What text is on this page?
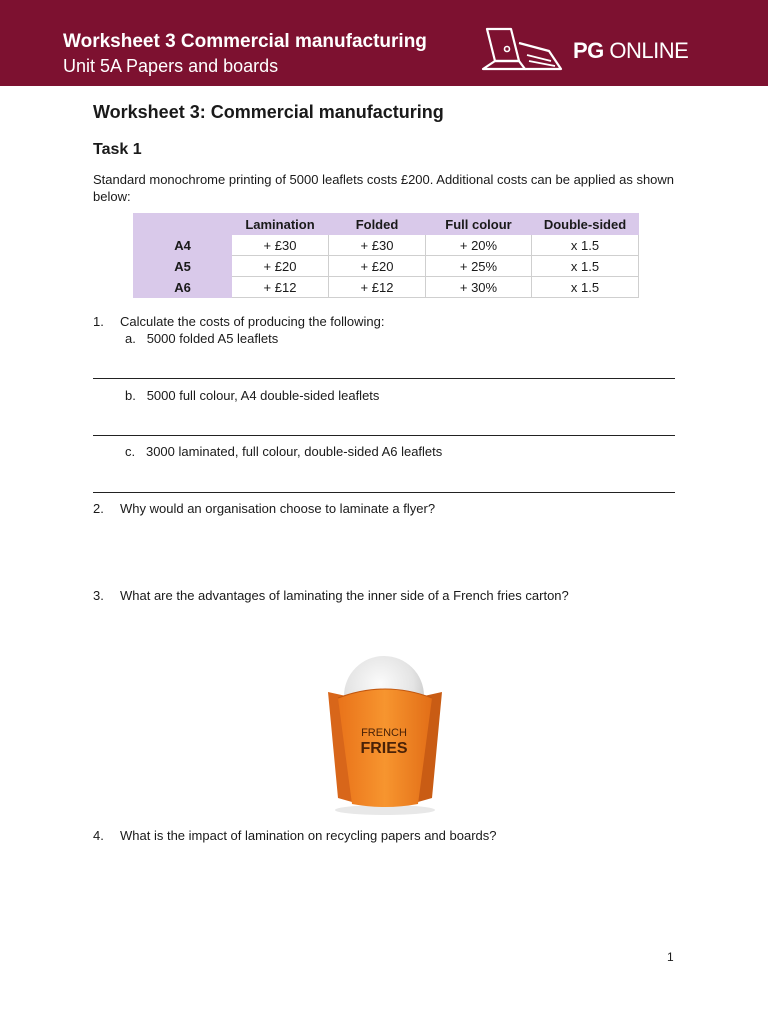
Worksheet 3 Commercial manufacturing
Unit 5A Papers and boards
PG ONLINE
Worksheet 3: Commercial manufacturing
Task 1
Standard monochrome printing of 5000 leaflets costs £200. Additional costs can be applied as shown below:
	Lamination	Folded	Full colour	Double-sided
A4	+ £30	+ £30	+ 20%	x 1.5
A5	+ £20	+ £20	+ 25%	x 1.5
A6	+ £12	+ £12	+ 30%	x 1.5
1. Calculate the costs of producing the following:
a. 5000 folded A5 leaflets
b. 5000 full colour, A4 double-sided leaflets
c. 3000 laminated, full colour, double-sided A6 leaflets
2. Why would an organisation choose to laminate a flyer?
3. What are the advantages of laminating the inner side of a French fries carton?
FRENCH
FRIES
4. What is the impact of lamination on recycling papers and boards?
1
